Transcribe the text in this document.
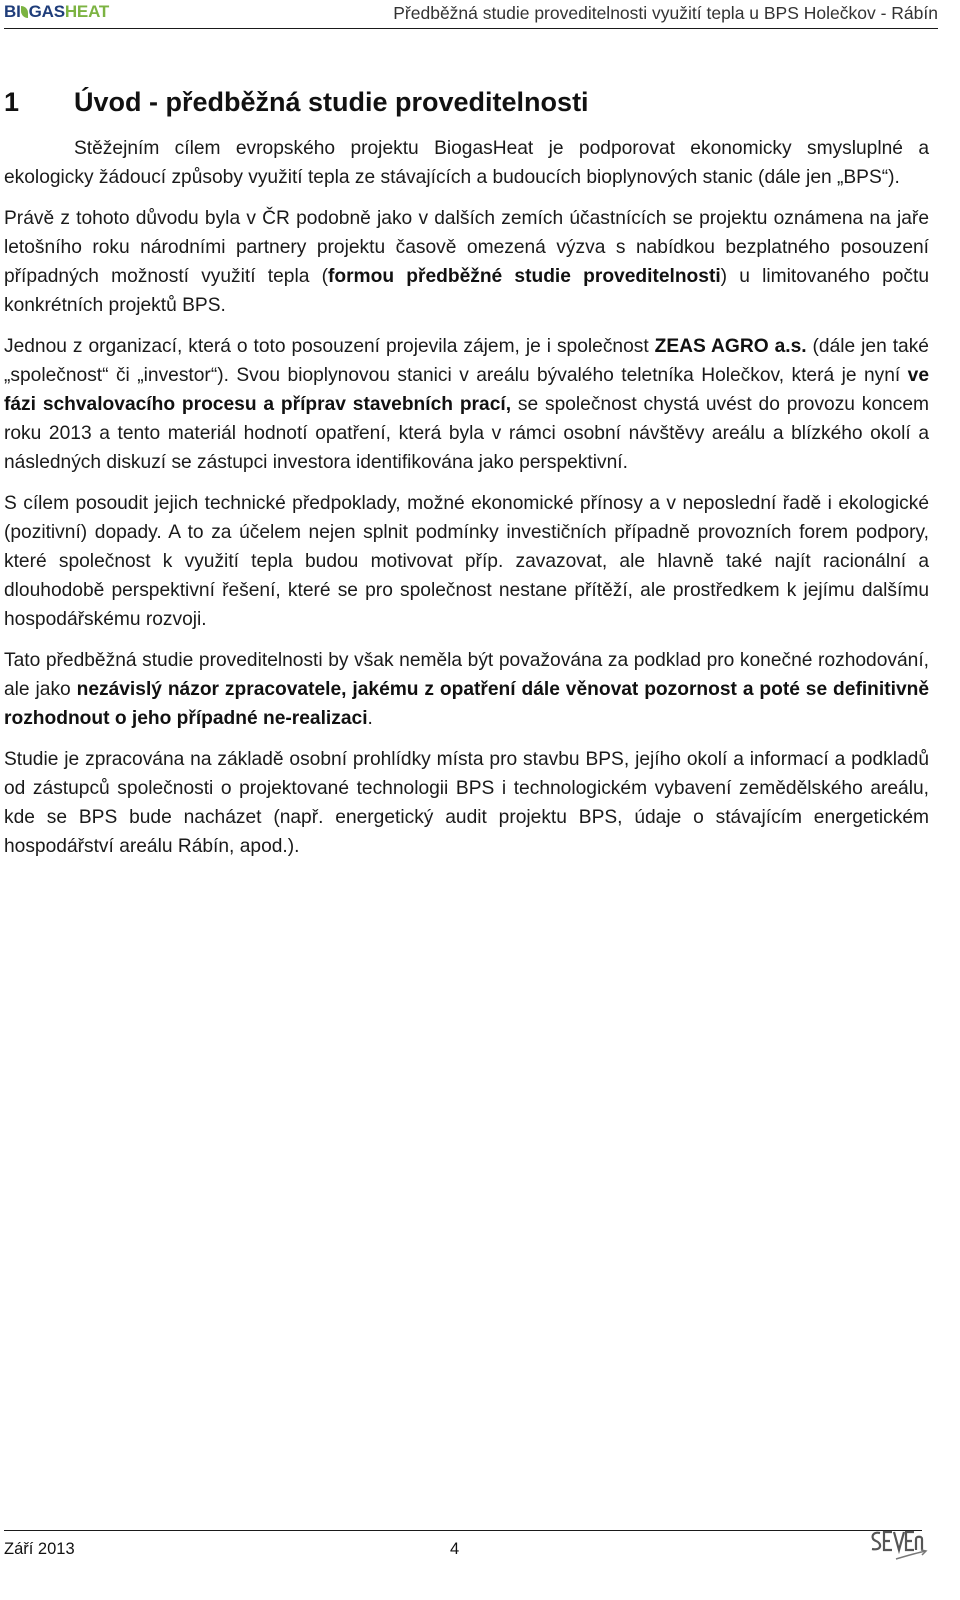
BI GASHEAT	Předběžná studie proveditelnosti využití tepla u BPS Holečkov - Rábín
1 Úvod - předběžná studie proveditelnosti

Stěžejním cílem evropského projektu BiogasHeat je podporovat ekonomicky smysluplné a ekologicky žádoucí způsoby využití tepla ze stávajících a budoucích bioplynových stanic (dále jen „BPS“).

Právě z tohoto důvodu byla v ČR podobně jako v dalších zemích účastnících se projektu oznámena na jaře letošního roku národními partnery projektu časově omezená výzva s nabídkou bezplatného posouzení případných možností využití tepla (formou předběžné studie proveditelnosti) u limitovaného počtu konkrétních projektů BPS.

Jednou z organizací, která o toto posouzení projevila zájem, je i společnost ZEAS AGRO a.s. (dále jen také „společnost“ či „investor“). Svou bioplynovou stanici v areálu bývalého teletníka Holečkov, která je nyní ve fázi schvalovacího procesu a příprav stavebních prací, se společnost chystá uvést do provozu koncem roku 2013 a tento materiál hodnotí opatření, která byla v rámci osobní návštěvy areálu a blízkého okolí a následných diskuzí se zástupci investora identifikována jako perspektivní.

S cílem posoudit jejich technické předpoklady, možné ekonomické přínosy a v neposlední řadě i ekologické (pozitivní) dopady. A to za účelem nejen splnit podmínky investičních případně provozních forem podpory, které společnost k využití tepla budou motivovat příp. zavazovat, ale hlavně také najít racionální a dlouhodobě perspektivní řešení, které se pro společnost nestane přítěží, ale prostředkem k jejímu dalšímu hospodářskému rozvoji.

Tato předběžná studie proveditelnosti by však neměla být považována za podklad pro konečné rozhodování, ale jako nezávislý názor zpracovatele, jakému z opatření dále věnovat pozornost a poté se definitivně rozhodnout o jeho případné ne-realizaci.

Studie je zpracována na základě osobní prohlídky místa pro stavbu BPS, jejího okolí a informací a podkladů od zástupců společnosti o projektované technologii BPS i technologickém vybavení zemědělského areálu, kde se BPS bude nacházet (např. energetický audit projektu BPS, údaje o stávajícím energetickém hospodářství areálu Rábín, apod.).

Září 2013	4
